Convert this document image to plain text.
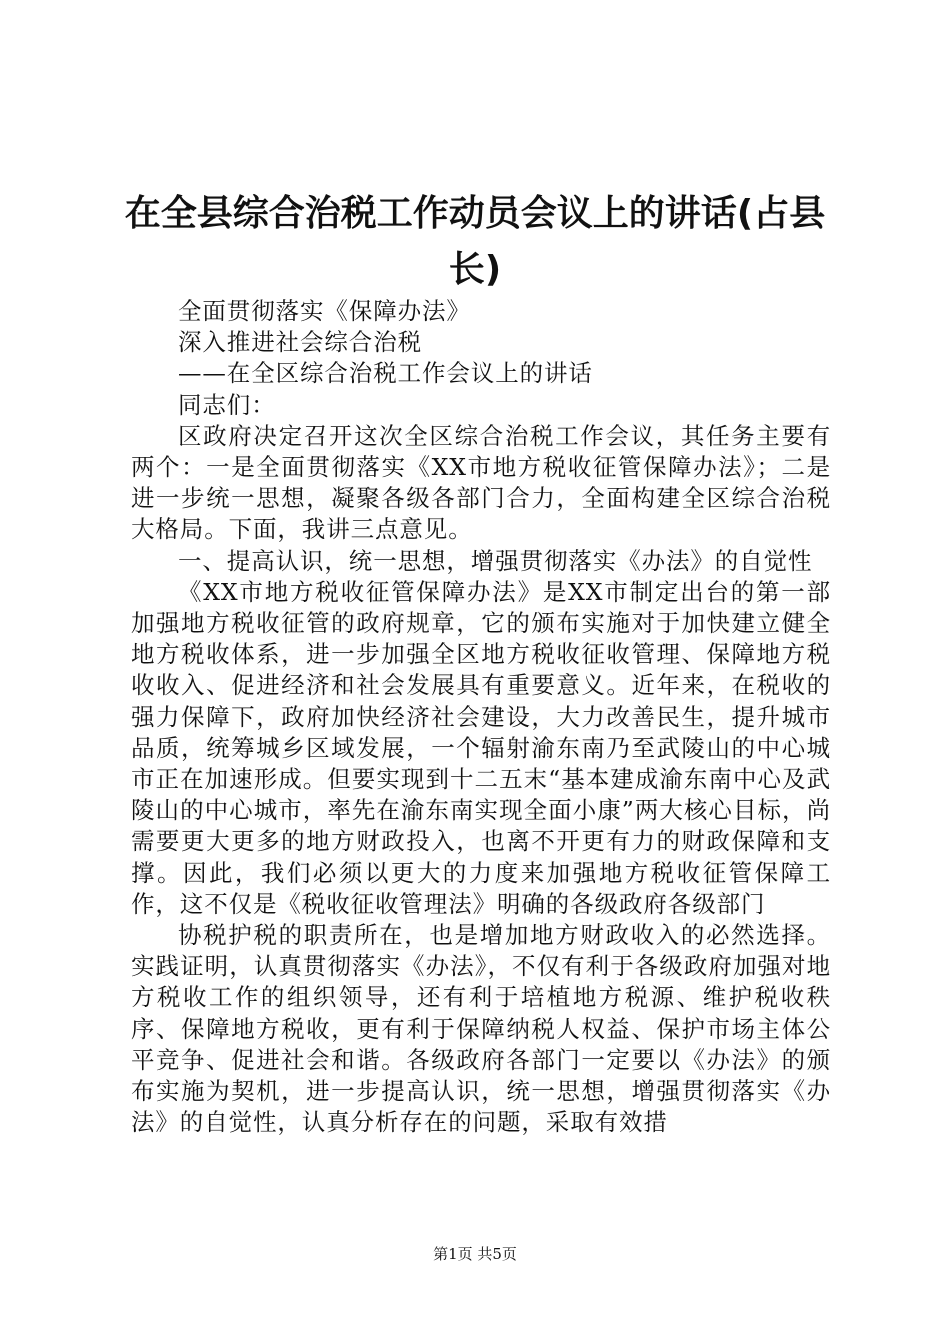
在全县综合治税工作动员会议上的讲话(占县长)

全面贯彻落实《保障办法》

深入推进社会综合治税

——在全区综合治税工作会议上的讲话

同志们：

区政府决定召开这次全区综合治税工作会议，其任务主要有两个：一是全面贯彻落实《XX市地方税收征管保障办法》；二是进一步统一思想，凝聚各级各部门合力，全面构建全区综合治税大格局。下面，我讲三点意见。

一、提高认识，统一思想，增强贯彻落实《办法》的自觉性

《XX市地方税收征管保障办法》是XX市制定出台的第一部加强地方税收征管的政府规章，它的颁布实施对于加快建立健全地方税收体系，进一步加强全区地方税收征收管理、保障地方税收收入、促进经济和社会发展具有重要意义。近年来，在税收的强力保障下，政府加快经济社会建设，大力改善民生，提升城市品质，统筹城乡区域发展，一个辐射渝东南乃至武陵山的中心城市正在加速形成。但要实现到十二五末“基本建成渝东南中心及武陵山的中心城市，率先在渝东南实现全面小康”两大核心目标，尚需要更大更多的地方财政投入，也离不开更有力的财政保障和支撑。因此，我们必须以更大的力度来加强地方税收征管保障工作，这不仅是《税收征收管理法》明确的各级政府各级部门

协税护税的职责所在，也是增加地方财政收入的必然选择。实践证明，认真贯彻落实《办法》，不仅有利于各级政府加强对地方税收工作的组织领导，还有利于培植地方税源、维护税收秩序、保障地方税收，更有利于保障纳税人权益、保护市场主体公平竞争、促进社会和谐。各级政府各部门一定要以《办法》的颁布实施为契机，进一步提高认识，统一思想，增强贯彻落实《办法》的自觉性，认真分析存在的问题，采取有效措

第1页 共5页
